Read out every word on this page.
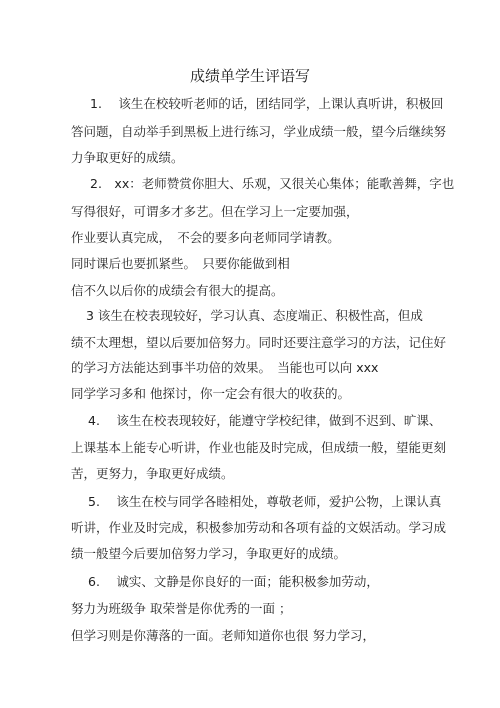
成绩单学生评语写

1.　 该生在校较听老师的话，团结同学，上课认真听讲，积极回

答问题，自动举手到黑板上进行练习，学业成绩一般，望今后继续努

力争取更好的成绩。

2.　xx：老师赞赏你胆大、乐观，又很关心集体；能歌善舞，字也

写得很好，可谓多才多艺。但在学习上一定要加强，

作业要认真完成，　不会的要多向老师同学请教。

同时课后也要抓紧些。　只要你能做到相

信不久以后你的成绩会有很大的提高。

3 该生在校表现较好，学习认真、态度端正、积极性高，但成

绩不太理想，望以后要加倍努力。同时还要注意学习的方法，记住好

的学习方法能达到事半功倍的效果。　当能也可以向 xxx

同学学习多和 他探讨，你一定会有很大的收获的。

4.　 该生在校表现较好，能遵守学校纪律，做到不迟到、旷课、

上课基本上能专心听讲，作业也能及时完成，但成绩一般，望能更刻

苦，更努力，争取更好成绩。

5.　 该生在校与同学各睦相处，尊敬老师，爱护公物，上课认真

听讲，作业及时完成，积极参加劳动和各项有益的文娱活动。学习成

绩一般望今后要加倍努力学习，争取更好的成绩。

6.　 诚实、文静是你良好的一面；能积极参加劳动，

努力为班级争 取荣誉是你优秀的一面 ；

但学习则是你薄落的一面。老师知道你也很 努力学习，
